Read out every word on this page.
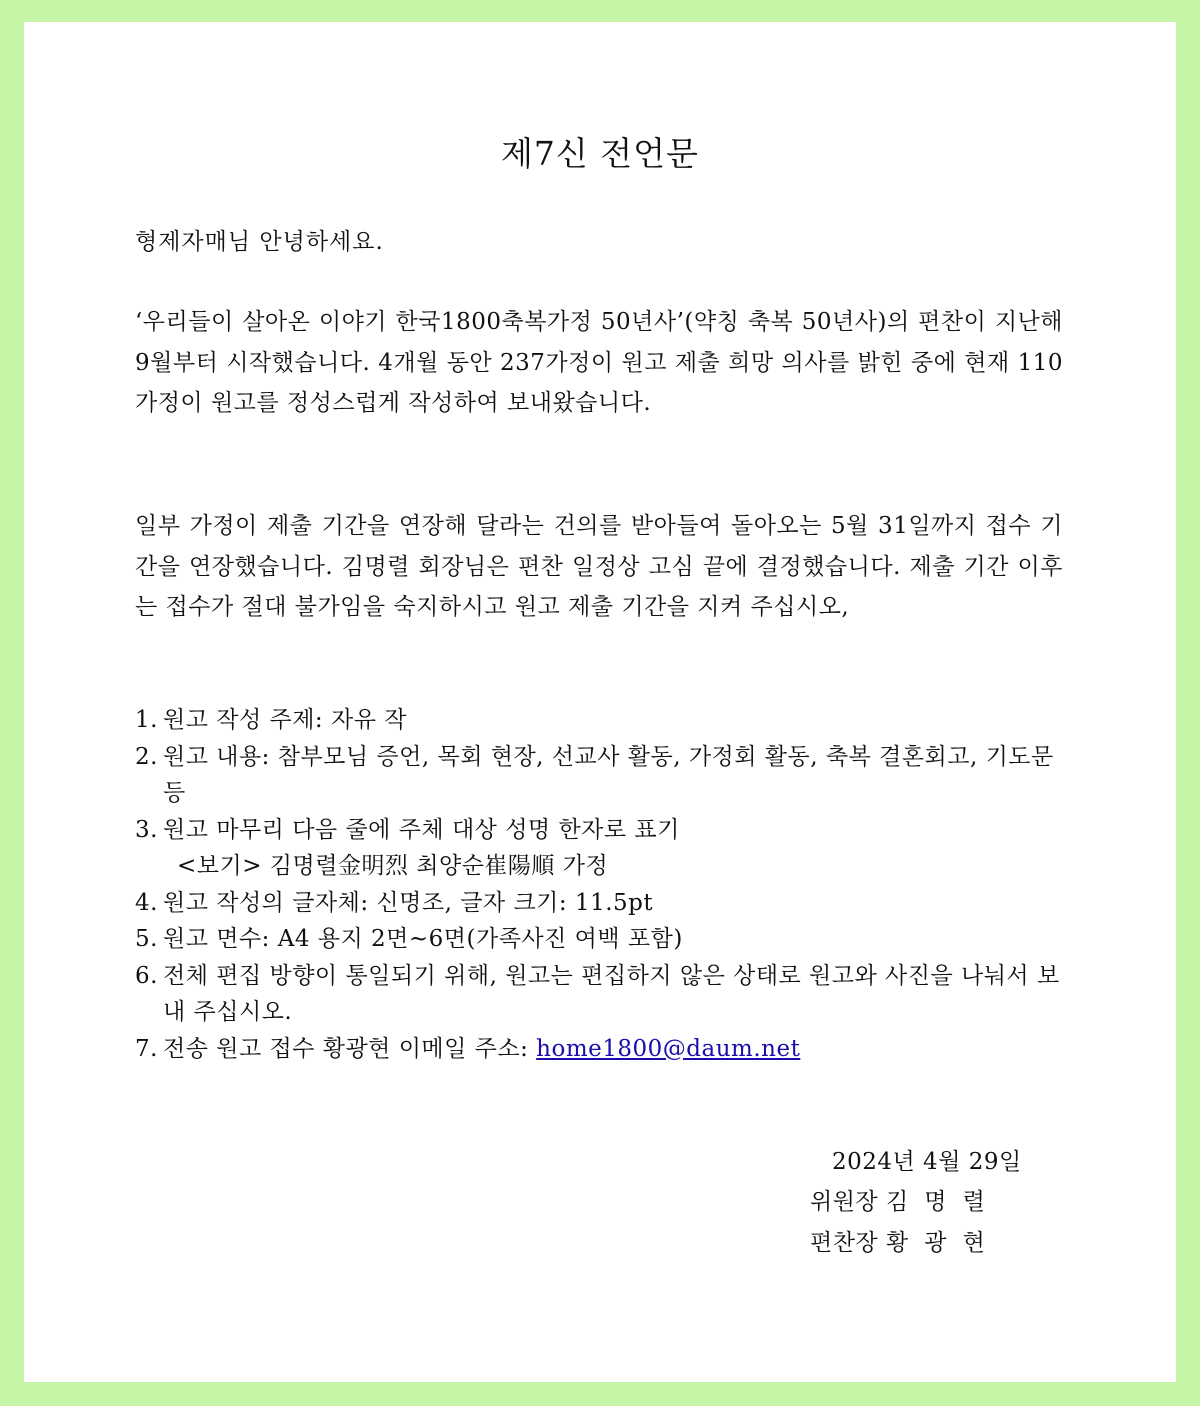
제7신 전언문

형제자매님 안녕하세요.

‘우리들이 살아온 이야기 한국1800축복가정 50년사’(약칭 축복 50년사)의 편찬이 지난해 9월부터 시작했습니다. 4개월 동안 237가정이 원고 제출 희망 의사를 밝힌 중에 현재 110가정이 원고를 정성스럽게 작성하여 보내왔습니다.

일부 가정이 제출 기간을 연장해 달라는 건의를 받아들여 돌아오는 5월 31일까지 접수 기간을 연장했습니다. 김명렬 회장님은 편찬 일정상 고심 끝에 결정했습니다. 제출 기간 이후는 접수가 절대 불가임을 숙지하시고 원고 제출 기간을 지켜 주십시오,

1. 원고 작성 주제: 자유 작
2. 원고 내용: 참부모님 증언, 목회 현장, 선교사 활동, 가정회 활동, 축복 결혼회고, 기도문 등
3. 원고 마무리 다음 줄에 주체 대상 성명 한자로 표기
<보기> 김명렬金明烈 최양순崔陽順 가정
4. 원고 작성의 글자체: 신명조, 글자 크기: 11.5pt
5. 원고 면수: A4 용지 2면~6면(가족사진 여백 포함)
6. 전체 편집 방향이 통일되기 위해, 원고는 편집하지 않은 상태로 원고와 사진을 나눠서 보내 주십시오.
7. 전송 원고 접수 황광현 이메일 주소: home1800@daum.net

2024년 4월 29일

위원장 김  명  렬

편찬장 황  광  현
